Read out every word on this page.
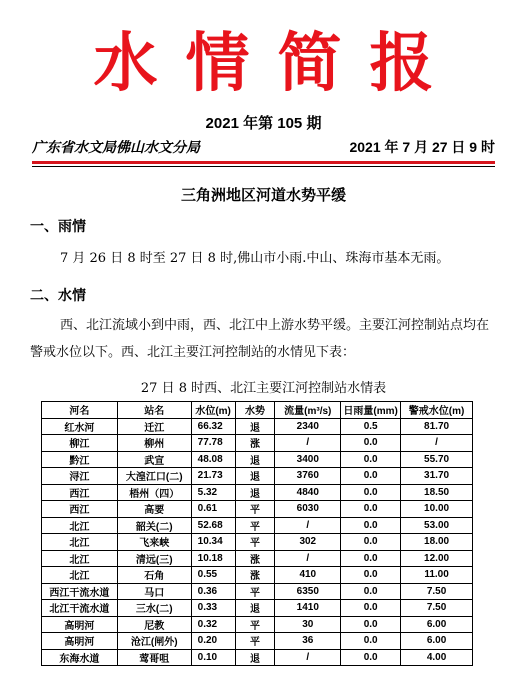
水情简报
2021 年第 105 期
广东省水文局佛山水文分局	2021 年 7 月 27 日 9 时
三角洲地区河道水势平缓
一、雨情
7 月 26 日 8 时至 27 日 8 时,佛山市小雨.中山、珠海市基本无雨。
二、水情
西、北江流域小到中雨，西、北江中上游水势平缓。主要江河控制站点均在警戒水位以下。西、北江主要江河控制站的水情见下表：
27 日 8 时西、北江主要江河控制站水情表
河名	站名	水位(m)	水势	流量(m³/s)	日雨量(mm)	警戒水位(m)
红水河	迁江	66.32	退	2340	0.5	81.70
柳江	柳州	77.78	涨	/	0.0	/
黔江	武宣	48.08	退	3400	0.0	55.70
浔江	大湟江口(二)	21.73	退	3760	0.0	31.70
西江	梧州（四）	5.32	退	4840	0.0	18.50
西江	高要	0.61	平	6030	0.0	10.00
北江	韶关(二)	52.68	平	/	0.0	53.00
北江	飞来峡	10.34	平	302	0.0	18.00
北江	清远(三)	10.18	涨	/	0.0	12.00
北江	石角	0.55	涨	410	0.0	11.00
西江干流水道	马口	0.36	平	6350	0.0	7.50
北江干流水道	三水(二)	0.33	退	1410	0.0	7.50
高明河	尼教	0.32	平	30	0.0	6.00
高明河	沧江(闸外)	0.20	平	36	0.0	6.00
东海水道	莺哥咀	0.10	退	/	0.0	4.00
